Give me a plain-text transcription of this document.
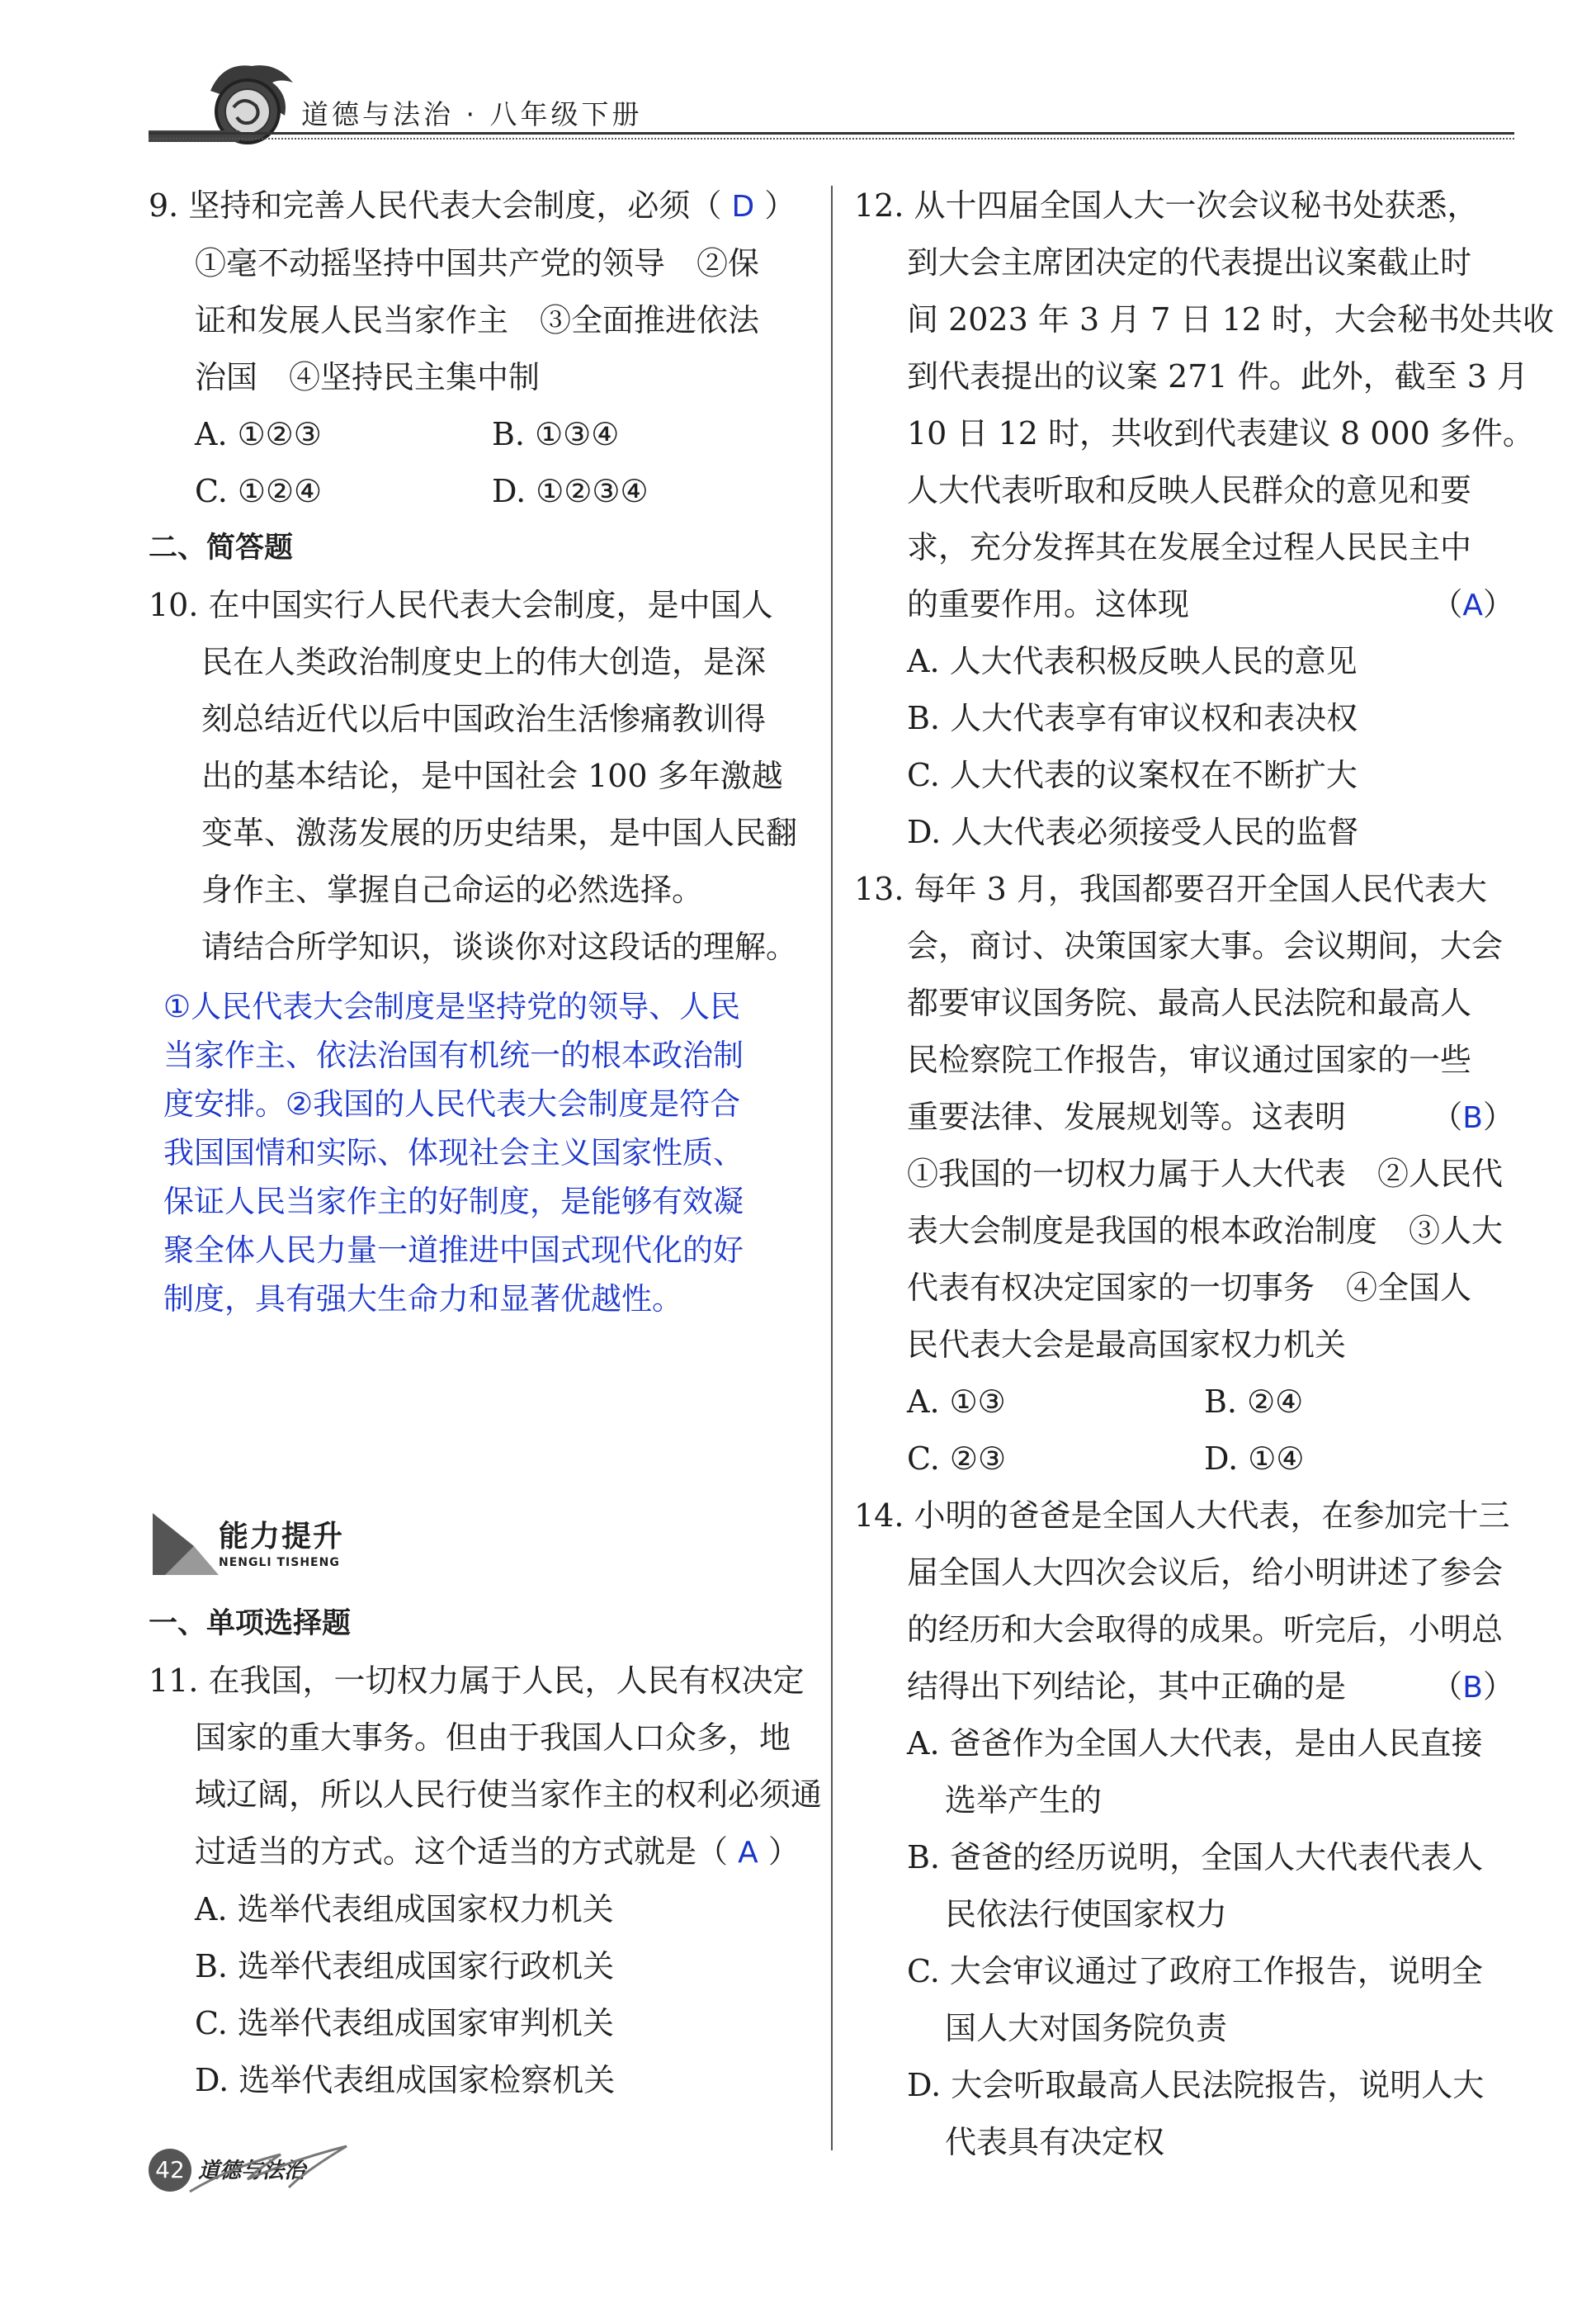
道德与法治 · 八年级下册
9. 坚持和完善人民代表大会制度，必须（ D ）
①毫不动摇坚持中国共产党的领导　②保
证和发展人民当家作主　③全面推进依法
治国　④坚持民主集中制
A. ①②③	B. ①③④
C. ①②④	D. ①②③④
二、简答题
10. 在中国实行人民代表大会制度，是中国人
民在人类政治制度史上的伟大创造，是深
刻总结近代以后中国政治生活惨痛教训得
出的基本结论，是中国社会 100 多年激越
变革、激荡发展的历史结果，是中国人民翻
身作主、掌握自己命运的必然选择。
请结合所学知识，谈谈你对这段话的理解。
①人民代表大会制度是坚持党的领导、人民
当家作主、依法治国有机统一的根本政治制
度安排。②我国的人民代表大会制度是符合
我国国情和实际、体现社会主义国家性质、
保证人民当家作主的好制度，是能够有效凝
聚全体人民力量一道推进中国式现代化的好
制度，具有强大生命力和显著优越性。
能力提升
NENGLI TISHENG
一、单项选择题
11. 在我国，一切权力属于人民，人民有权决定
国家的重大事务。但由于我国人口众多，地
域辽阔，所以人民行使当家作主的权利必须通
过适当的方式。这个适当的方式就是（ A ）
A. 选举代表组成国家权力机关
B. 选举代表组成国家行政机关
C. 选举代表组成国家审判机关
D. 选举代表组成国家检察机关
12. 从十四届全国人大一次会议秘书处获悉，
到大会主席团决定的代表提出议案截止时
间 2023 年 3 月 7 日 12 时，大会秘书处共收
到代表提出的议案 271 件。此外，截至 3 月
10 日 12 时，共收到代表建议 8 000 多件。
人大代表听取和反映人民群众的意见和要
求，充分发挥其在发展全过程人民民主中
的重要作用。这体现	（A）
A. 人大代表积极反映人民的意见
B. 人大代表享有审议权和表决权
C. 人大代表的议案权在不断扩大
D. 人大代表必须接受人民的监督
13. 每年 3 月，我国都要召开全国人民代表大
会，商讨、决策国家大事。会议期间，大会
都要审议国务院、最高人民法院和最高人
民检察院工作报告，审议通过国家的一些
重要法律、发展规划等。这表明	（B）
①我国的一切权力属于人大代表　②人民代
表大会制度是我国的根本政治制度　③人大
代表有权决定国家的一切事务　④全国人
民代表大会是最高国家权力机关
A. ①③	B. ②④
C. ②③	D. ①④
14. 小明的爸爸是全国人大代表，在参加完十三
届全国人大四次会议后，给小明讲述了参会
的经历和大会取得的成果。听完后，小明总
结得出下列结论，其中正确的是	（B）
A. 爸爸作为全国人大代表，是由人民直接
选举产生的
B. 爸爸的经历说明，全国人大代表代表人
民依法行使国家权力
C. 大会审议通过了政府工作报告，说明全
国人大对国务院负责
D. 大会听取最高人民法院报告，说明人大
代表具有决定权
42 道德与法治
